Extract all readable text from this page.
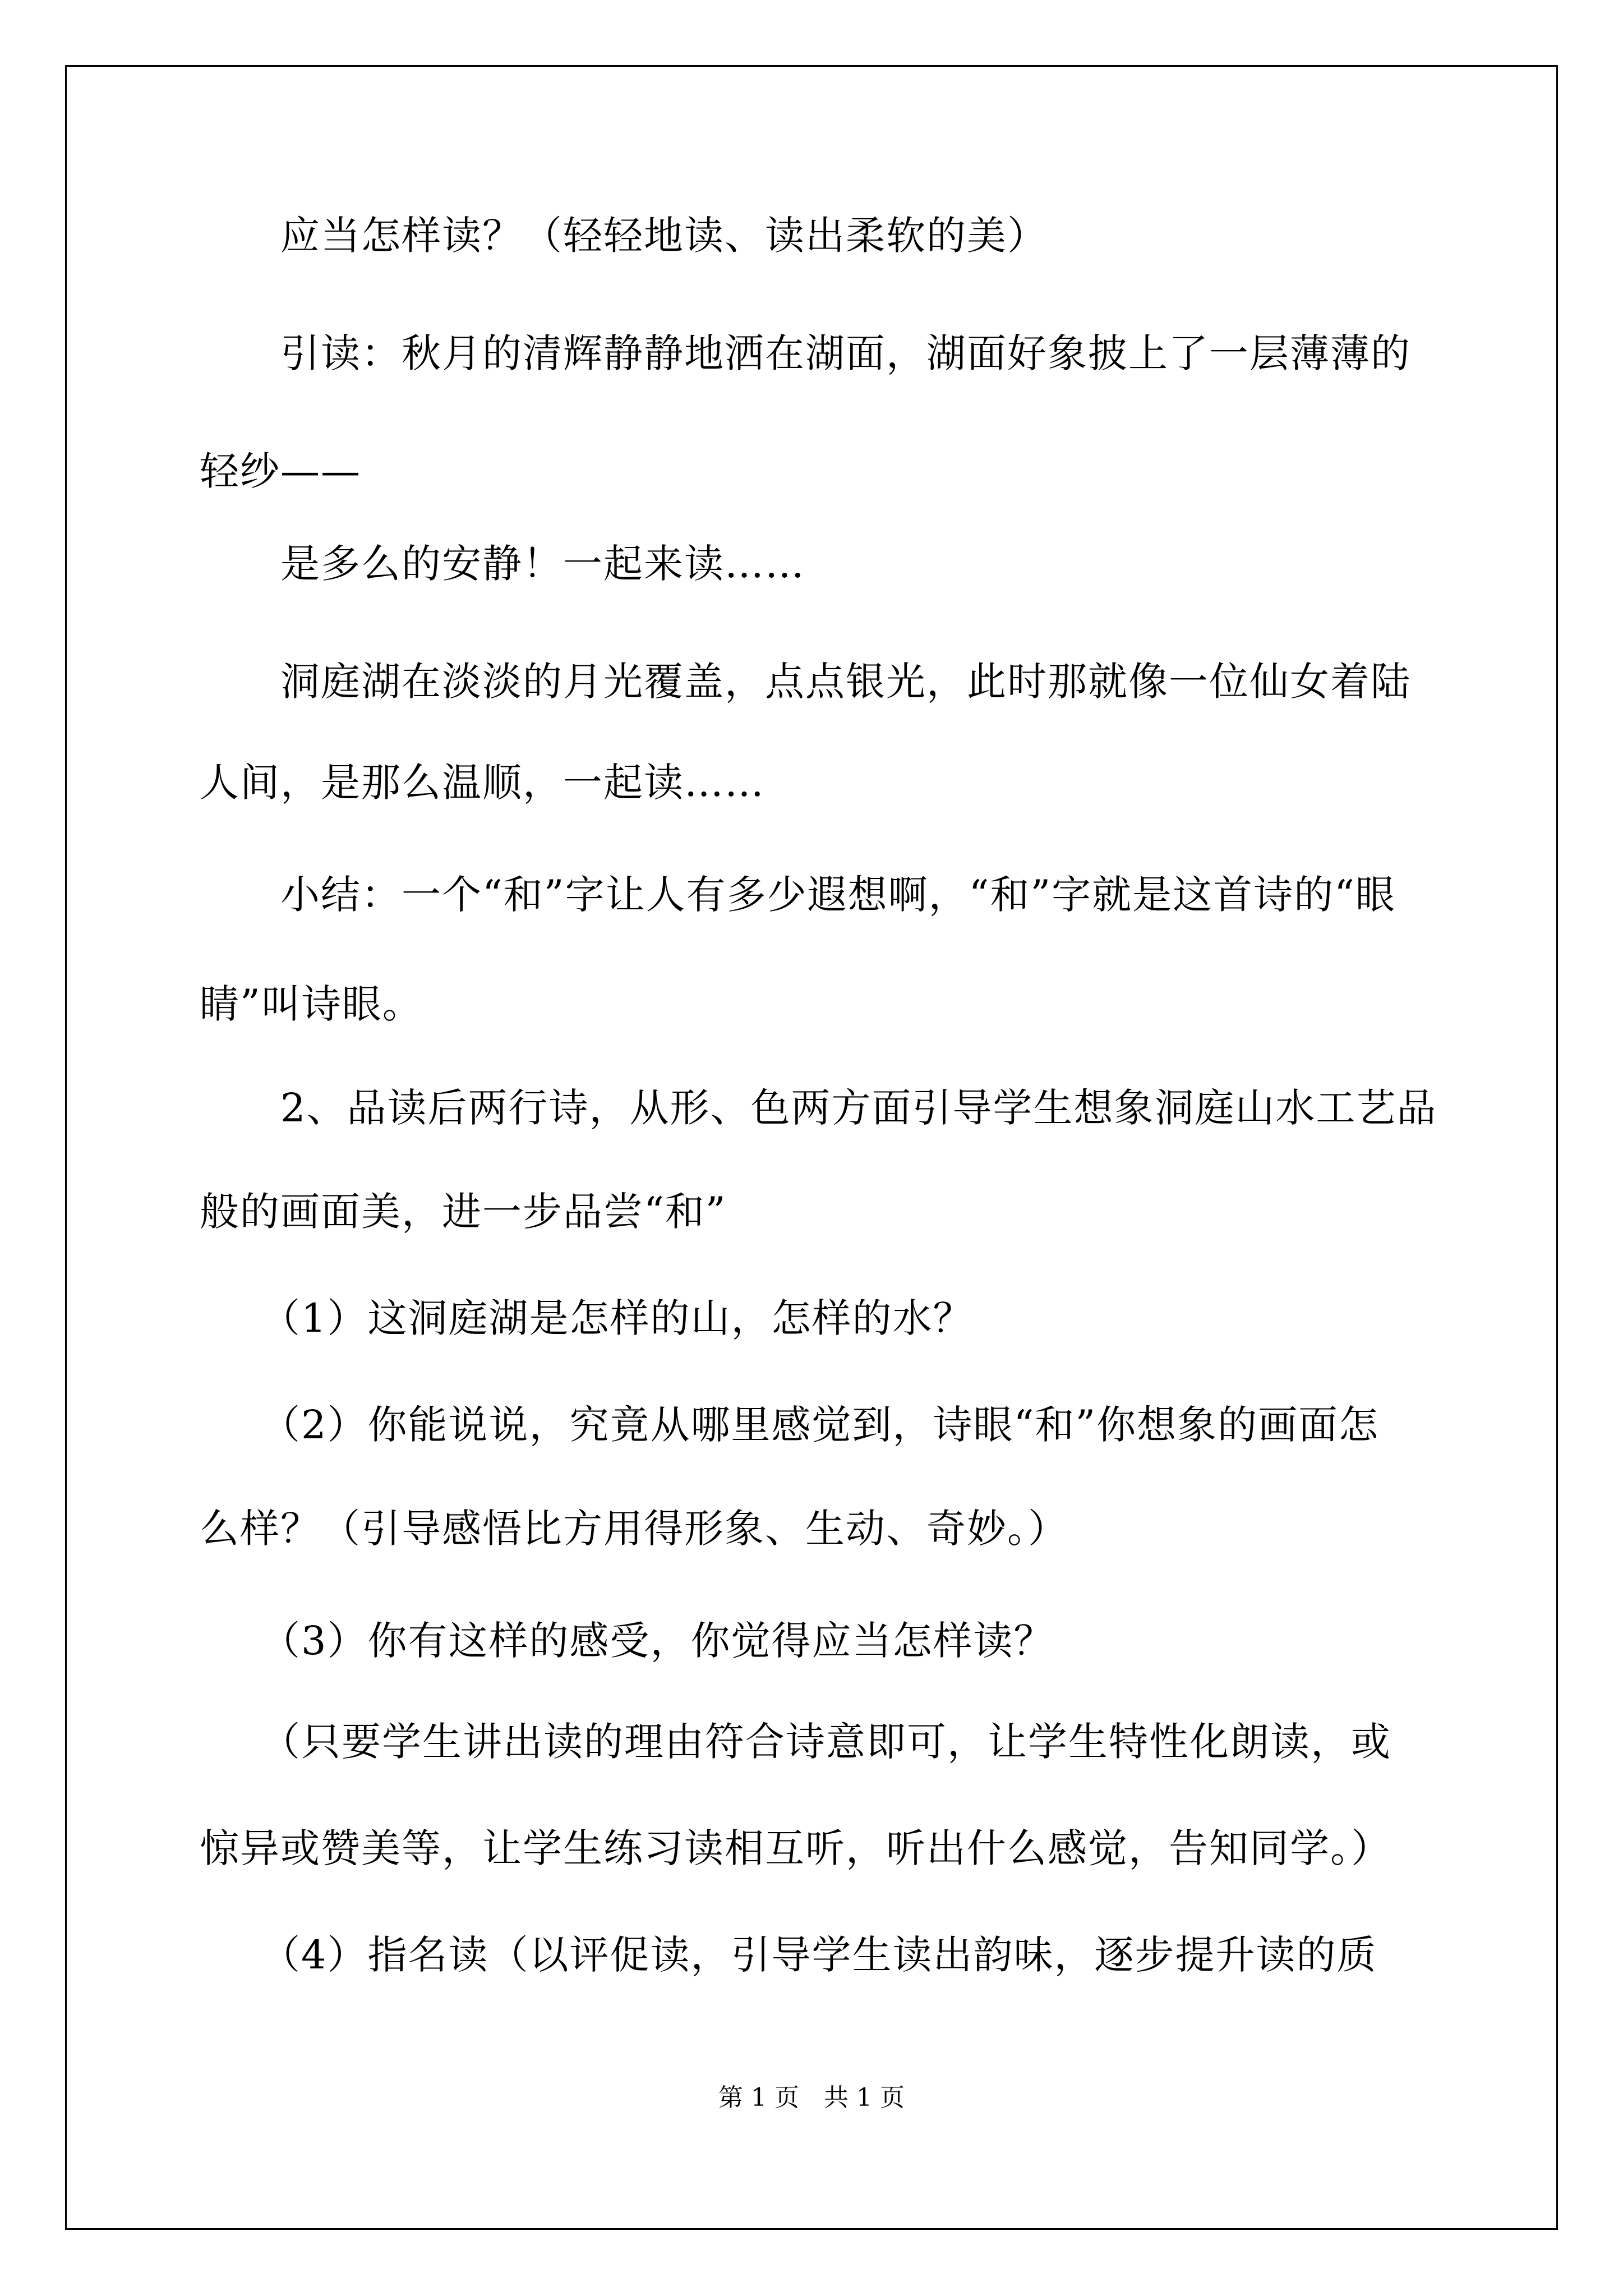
　　应当怎样读？（轻轻地读、读出柔软的美）
　　引读：秋月的清辉静静地洒在湖面，湖面好象披上了一层薄薄的
轻纱——
　　是多么的安静！一起来读……
　　洞庭湖在淡淡的月光覆盖，点点银光，此时那就像一位仙女着陆
人间，是那么温顺，一起读……
　　小结：一个“和”字让人有多少遐想啊，“和”字就是这首诗的“眼
睛”叫诗眼。
　　2、品读后两行诗，从形、色两方面引导学生想象洞庭山水工艺品
般的画面美，进一步品尝“和”
　　（1）这洞庭湖是怎样的山，怎样的水？
　　（2）你能说说，究竟从哪里感觉到，诗眼“和”你想象的画面怎
么样？（引导感悟比方用得形象、生动、奇妙。）
　　（3）你有这样的感受，你觉得应当怎样读？
　　（只要学生讲出读的理由符合诗意即可，让学生特性化朗读，或
惊异或赞美等，让学生练习读相互听，听出什么感觉，告知同学。）
　　（4）指名读（以评促读，引导学生读出韵味，逐步提升读的质
第 1 页　共 1 页
